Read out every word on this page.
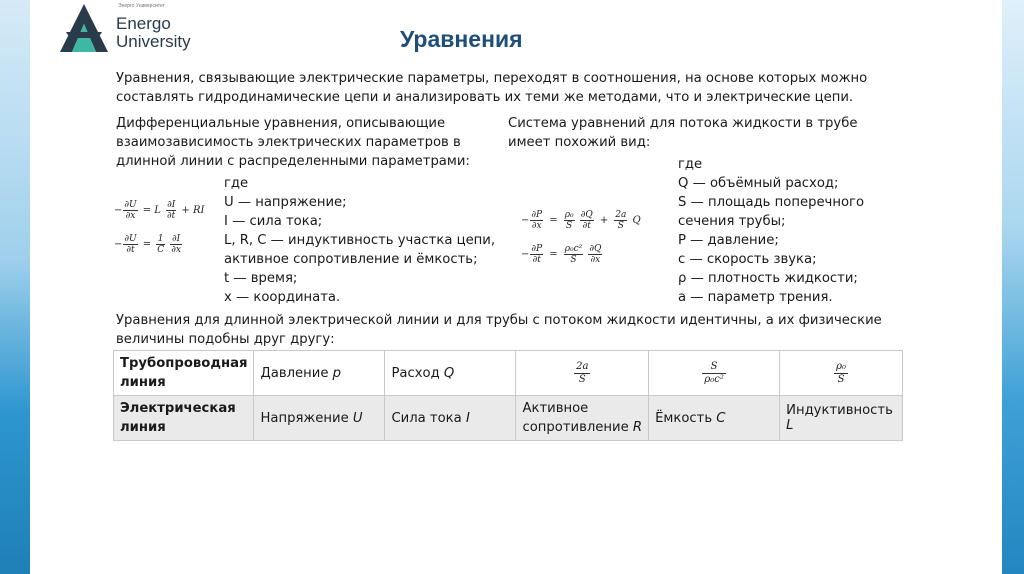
Энерго Университет
Energo
University	Уравнения
Уравнения, связывающие электрические параметры, переходят в соотношения, на основе которых можно
составлять гидродинамические цепи и анализировать их теми же методами, что и электрические цепи.
Дифференциальные уравнения, описывающие
взаимозависимость электрических параметров в
длинной линии с распределенными параметрами:
Система уравнений для потока жидкости в трубе
имеет похожий вид:
− $\frac{\partial U}{\partial x} = L \frac{\partial I}{\partial t}$ + RI
− $\frac{\partial U}{\partial t} = \frac{1}{C}$
$\frac{\partial I}{\partial x}$
− $\frac{\partial P}{\partial x} = \frac{\text{ρ₀}}{S}$
$\frac{\partial Q}{\partial t} + \frac{2a}{S}$ Q
− $\frac{\partial P}{\partial t} = \frac{\text{ρ₀c²}}{S}$
$\frac{\partial Q}{\partial x}$
где
U — напряжение;
I — сила тока;
L, R, C — индуктивность участка цепи,
активное сопротивление и ёмкость;
t — время;
x — координата.
где
Q — объёмный расход;
S — площадь поперечного
сечения трубы;
P — давление;
c — скорость звука;
ρ — плотность жидкости;
a — параметр трения.
Уравнения для длинной электрической линии и для трубы с потоком жидкости идентичны, а их физические
величины подобны друг другу:
Трубопроводная
линия	Давление p	Расход Q	$\frac{2a}{S}$	$\frac{S}{\text{ρ₀c²}}$	$\frac{\text{ρ₀}}{S}$

Электрическая
линия	Напряжение U	Сила тока I	Активное
сопротивление R	Ёмкость C	Индуктивность L
